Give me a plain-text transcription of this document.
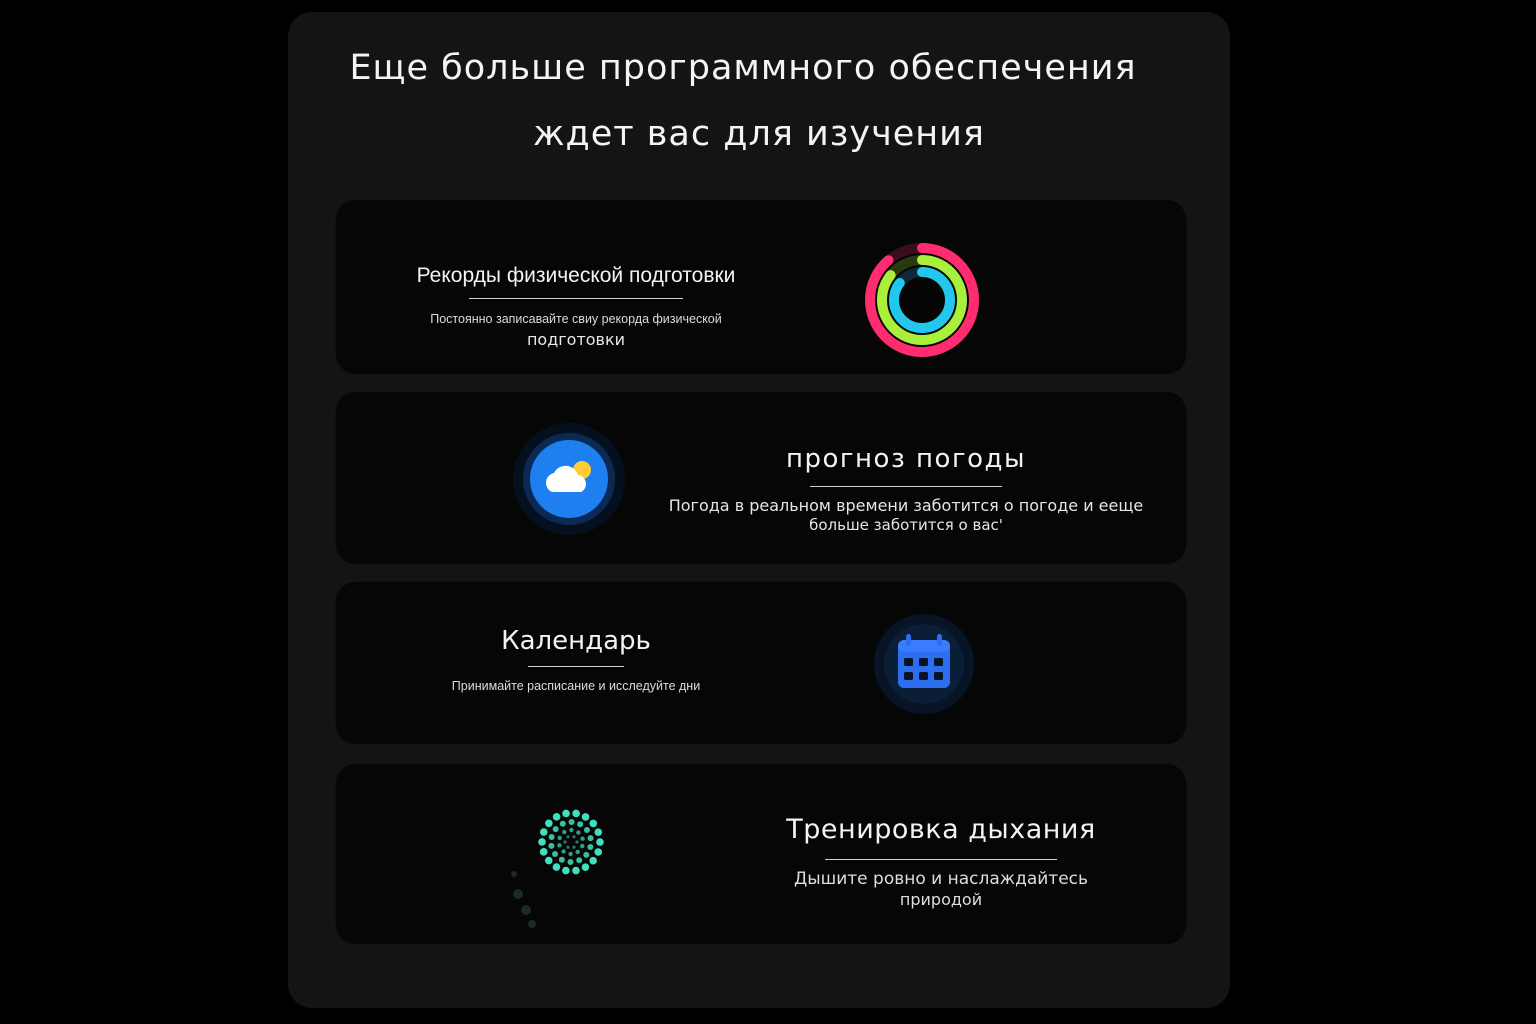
Еще больше программного обеспечения
ждет вас для изучения
Рекорды физической подготовки
Постоянно записавайте свиу рекорда физической
подготовки
прогноз погоды
Погода в реальном времени заботится о погоде и еещe
больше заботится о вас'
Календарь
Принимайте расписание и исследуйте дни
Тренировка дыхания
Дышите ровно и наслаждайтесь
природой
